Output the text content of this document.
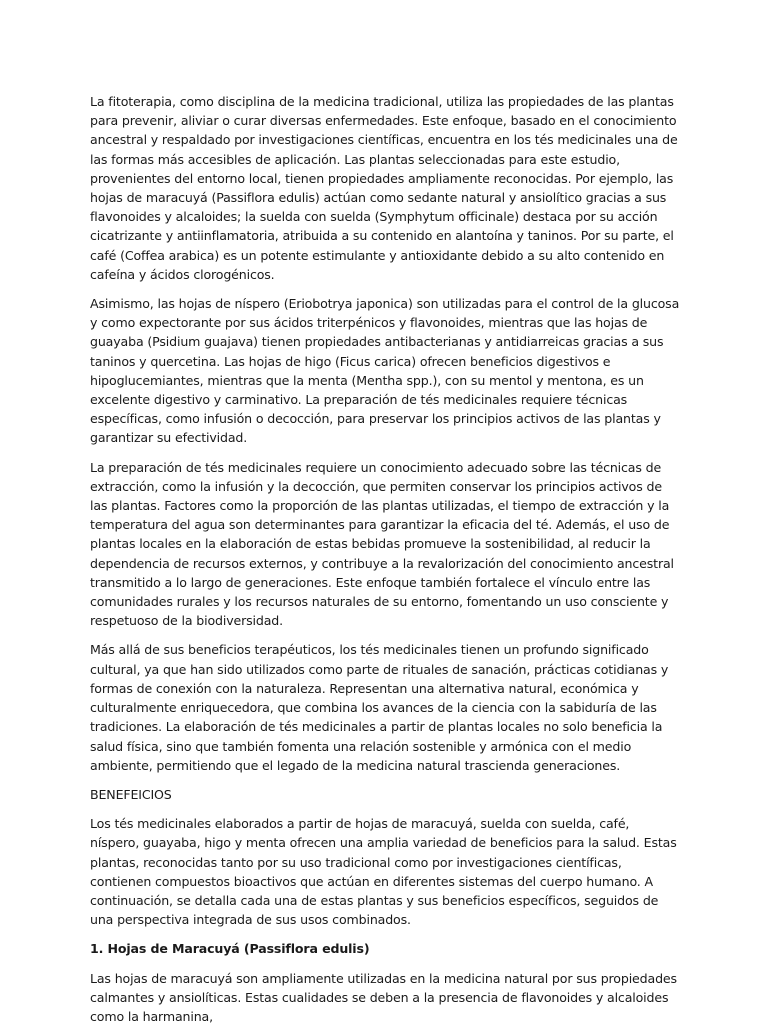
La fitoterapia, como disciplina de la medicina tradicional, utiliza las propiedades de las plantas para prevenir, aliviar o curar diversas enfermedades. Este enfoque, basado en el conocimiento ancestral y respaldado por investigaciones científicas, encuentra en los tés medicinales una de las formas más accesibles de aplicación. Las plantas seleccionadas para este estudio, provenientes del entorno local, tienen propiedades ampliamente reconocidas. Por ejemplo, las hojas de maracuyá (Passiflora edulis) actúan como sedante natural y ansiolítico gracias a sus flavonoides y alcaloides; la suelda con suelda (Symphytum officinale) destaca por su acción cicatrizante y antiinflamatoria, atribuida a su contenido en alantoína y taninos. Por su parte, el café (Coffea arabica) es un potente estimulante y antioxidante debido a su alto contenido en cafeína y ácidos clorogénicos.

Asimismo, las hojas de níspero (Eriobotrya japonica) son utilizadas para el control de la glucosa y como expectorante por sus ácidos triterpénicos y flavonoides, mientras que las hojas de guayaba (Psidium guajava) tienen propiedades antibacterianas y antidiarreicas gracias a sus taninos y quercetina. Las hojas de higo (Ficus carica) ofrecen beneficios digestivos e hipoglucemiantes, mientras que la menta (Mentha spp.), con su mentol y mentona, es un excelente digestivo y carminativo. La preparación de tés medicinales requiere técnicas específicas, como infusión o decocción, para preservar los principios activos de las plantas y garantizar su efectividad.

La preparación de tés medicinales requiere un conocimiento adecuado sobre las técnicas de extracción, como la infusión y la decocción, que permiten conservar los principios activos de las plantas. Factores como la proporción de las plantas utilizadas, el tiempo de extracción y la temperatura del agua son determinantes para garantizar la eficacia del té. Además, el uso de plantas locales en la elaboración de estas bebidas promueve la sostenibilidad, al reducir la dependencia de recursos externos, y contribuye a la revalorización del conocimiento ancestral transmitido a lo largo de generaciones. Este enfoque también fortalece el vínculo entre las comunidades rurales y los recursos naturales de su entorno, fomentando un uso consciente y respetuoso de la biodiversidad.

Más allá de sus beneficios terapéuticos, los tés medicinales tienen un profundo significado cultural, ya que han sido utilizados como parte de rituales de sanación, prácticas cotidianas y formas de conexión con la naturaleza. Representan una alternativa natural, económica y culturalmente enriquecedora, que combina los avances de la ciencia con la sabiduría de las tradiciones. La elaboración de tés medicinales a partir de plantas locales no solo beneficia la salud física, sino que también fomenta una relación sostenible y armónica con el medio ambiente, permitiendo que el legado de la medicina natural trascienda generaciones.

BENEFEICIOS

Los tés medicinales elaborados a partir de hojas de maracuyá, suelda con suelda, café, níspero, guayaba, higo y menta ofrecen una amplia variedad de beneficios para la salud. Estas plantas, reconocidas tanto por su uso tradicional como por investigaciones científicas, contienen compuestos bioactivos que actúan en diferentes sistemas del cuerpo humano. A continuación, se detalla cada una de estas plantas y sus beneficios específicos, seguidos de una perspectiva integrada de sus usos combinados.

1. Hojas de Maracuyá (Passiflora edulis)

Las hojas de maracuyá son ampliamente utilizadas en la medicina natural por sus propiedades calmantes y ansiolíticas. Estas cualidades se deben a la presencia de flavonoides y alcaloides como la harmanina,
